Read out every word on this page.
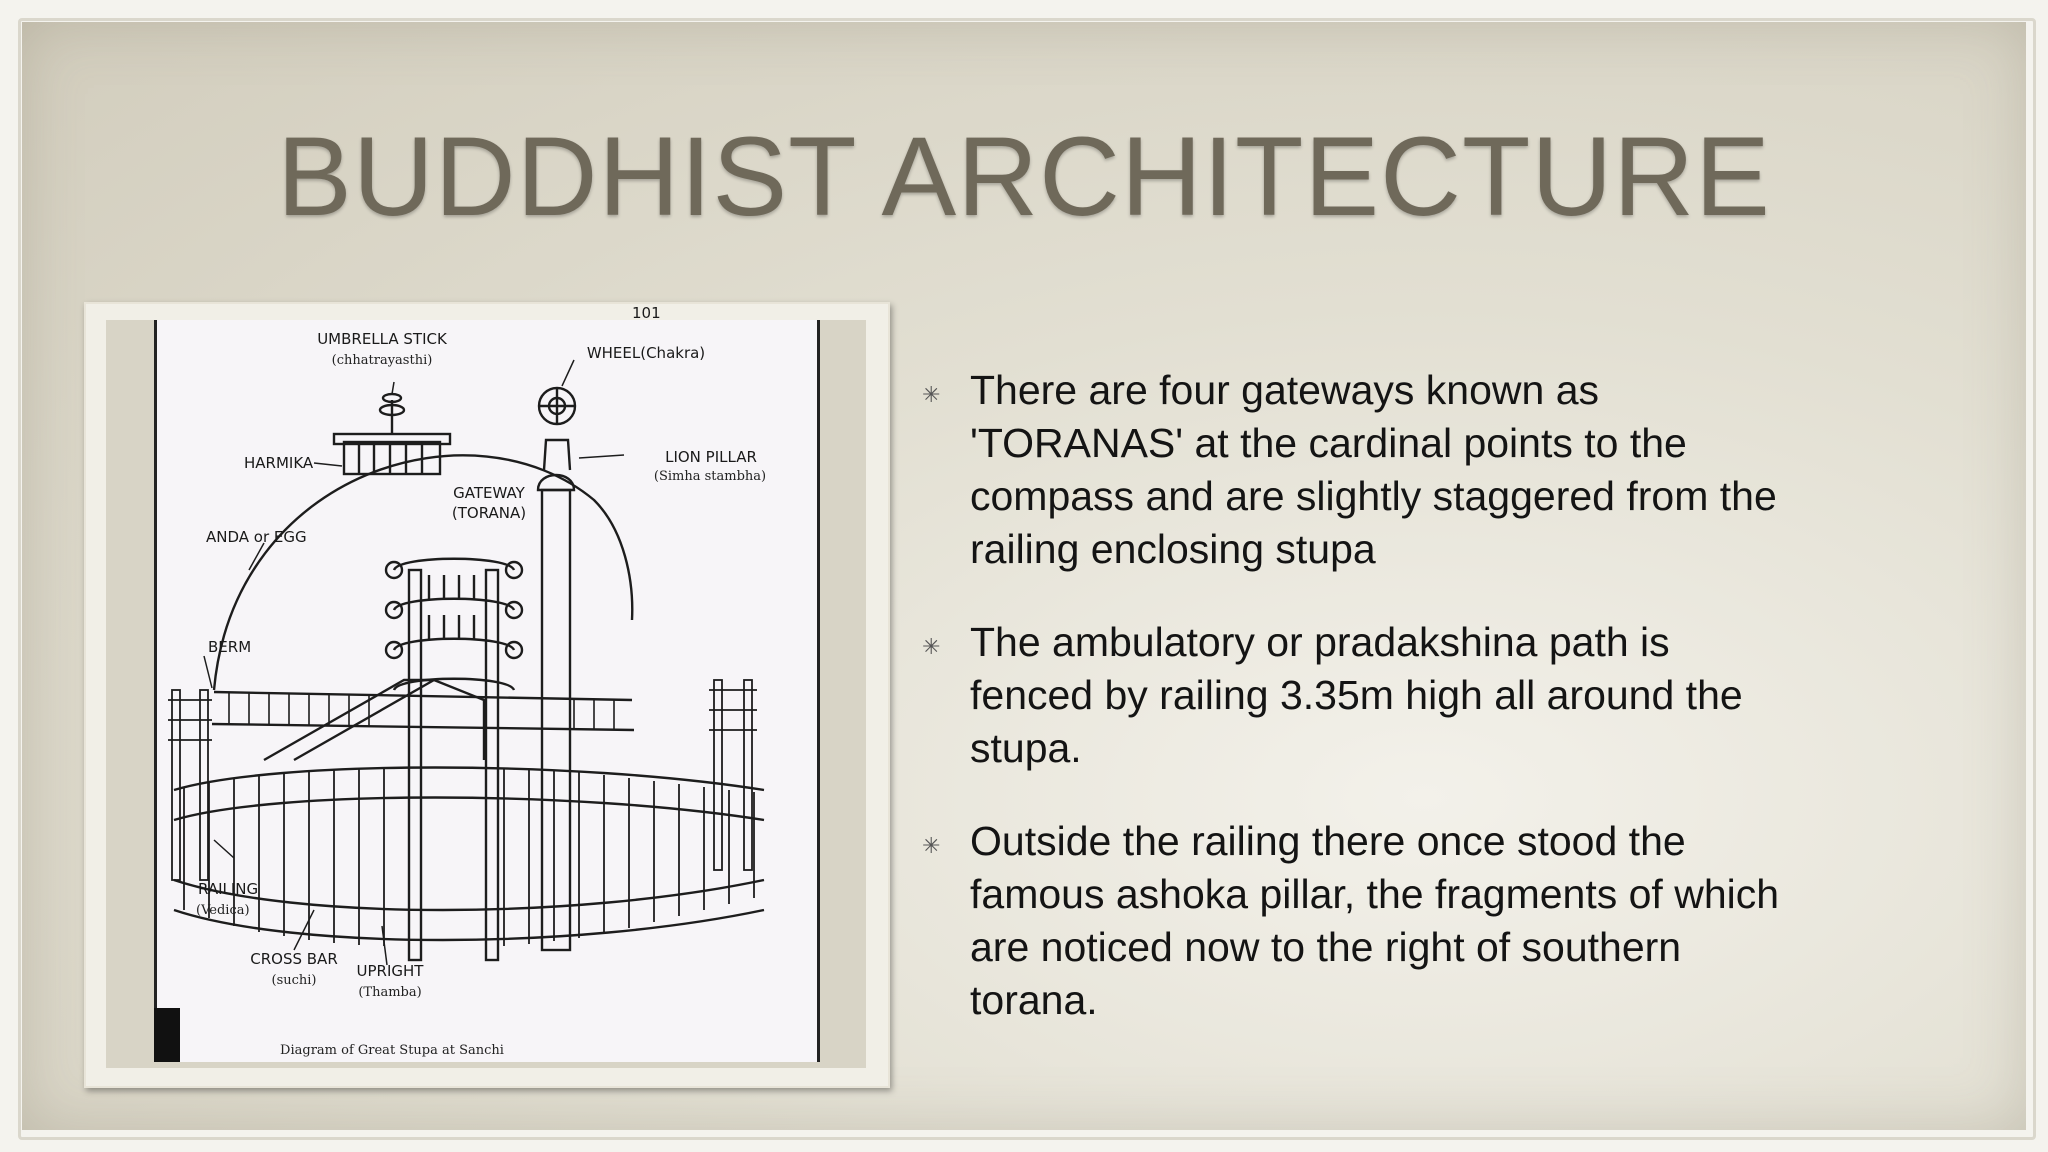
BUDDHIST ARCHITECTURE
101
UMBRELLA STICK
(chhatrayasthi)	WHEEL(Chakra)
HARMIKA	LION PILLAR
(Simha stambha)
GATEWAY
(TORANA)
ANDA or EGG
BERM
RAILING
(Vedica)
CROSS BAR
(suchi)
UPRIGHT
(Thamba)
Diagram of Great Stupa at Sanchi
✳ There are four gateways known as 'TORANAS' at the cardinal points to the compass and are slightly staggered from the railing enclosing stupa
✳ The ambulatory or pradakshina path is fenced by railing 3.35m high all around the stupa.
✳ Outside the railing there once stood the famous ashoka pillar, the fragments of which are noticed now to the right of southern torana.
